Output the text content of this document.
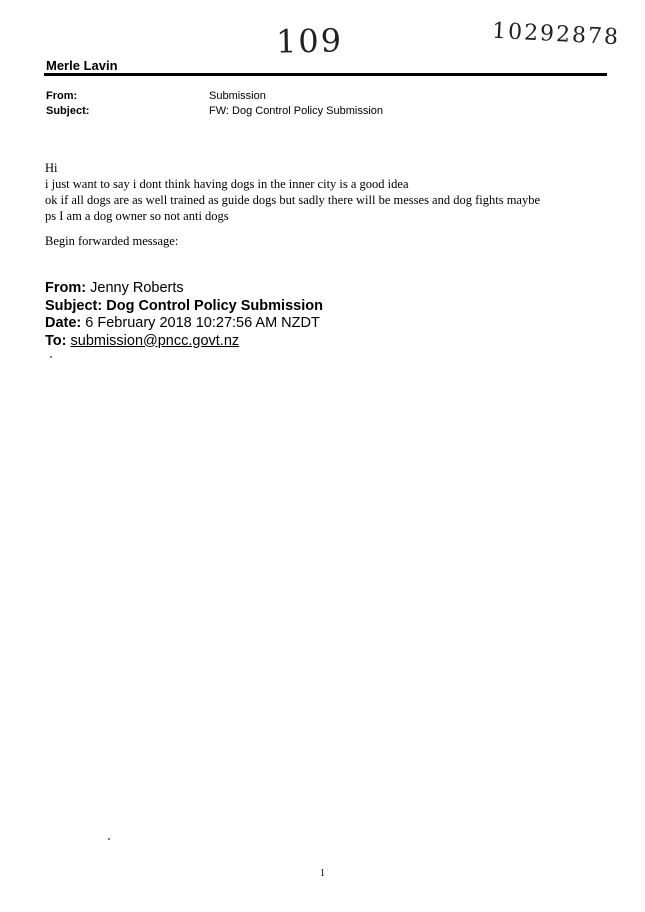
109	10292878
Merle Lavin
From:	Submission
Subject:	FW: Dog Control Policy Submission
Hi
i just want to say i dont think having dogs in the inner city is a good idea
ok if all dogs are as well trained as guide dogs but sadly there will be messes and dog fights maybe
ps I am a dog owner so not anti dogs
Begin forwarded message:
From: Jenny Roberts
Subject: Dog Control Policy Submission
Date: 6 February 2018 10:27:56 AM NZDT
To: submission@pncc.govt.nz
1
